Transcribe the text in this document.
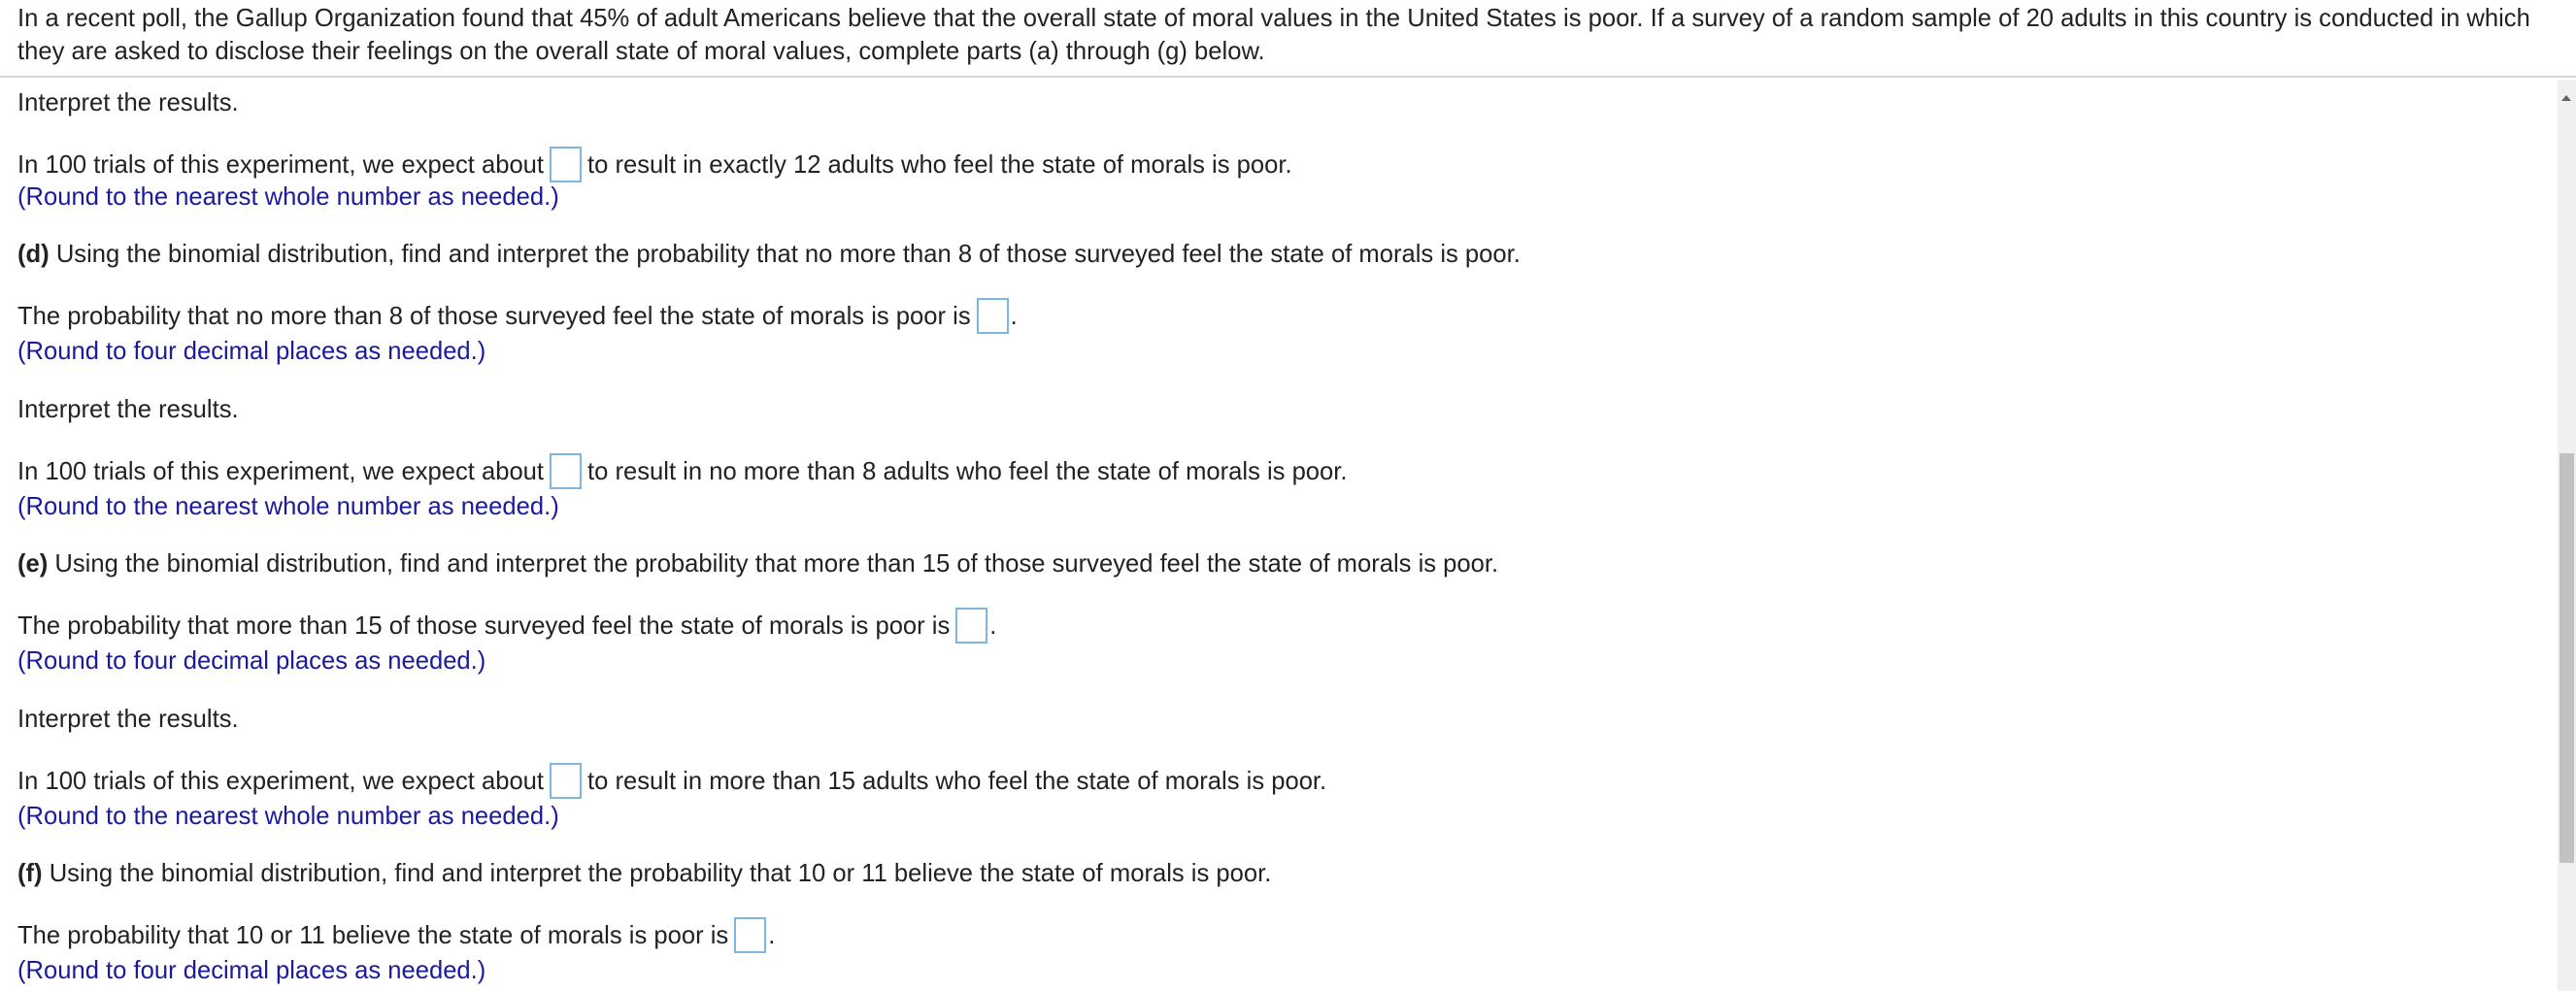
In a recent poll, the Gallup Organization found that 45% of adult Americans believe that the overall state of moral values in the United States is poor. If a survey of a random sample of 20 adults in this country is conducted in which they are asked to disclose their feelings on the overall state of moral values, complete parts (a) through (g) below.
Interpret the results.
In 100 trials of this experiment, we expect about to result in exactly 12 adults who feel the state of morals is poor.
(Round to the nearest whole number as needed.)
(d) Using the binomial distribution, find and interpret the probability that no more than 8 of those surveyed feel the state of morals is poor.
The probability that no more than 8 of those surveyed feel the state of morals is poor is .
(Round to four decimal places as needed.)
Interpret the results.
In 100 trials of this experiment, we expect about to result in no more than 8 adults who feel the state of morals is poor.
(Round to the nearest whole number as needed.)
(e) Using the binomial distribution, find and interpret the probability that more than 15 of those surveyed feel the state of morals is poor.
The probability that more than 15 of those surveyed feel the state of morals is poor is .
(Round to four decimal places as needed.)
Interpret the results.
In 100 trials of this experiment, we expect about to result in more than 15 adults who feel the state of morals is poor.
(Round to the nearest whole number as needed.)
(f) Using the binomial distribution, find and interpret the probability that 10 or 11 believe the state of morals is poor.
The probability that 10 or 11 believe the state of morals is poor is .
(Round to four decimal places as needed.)
